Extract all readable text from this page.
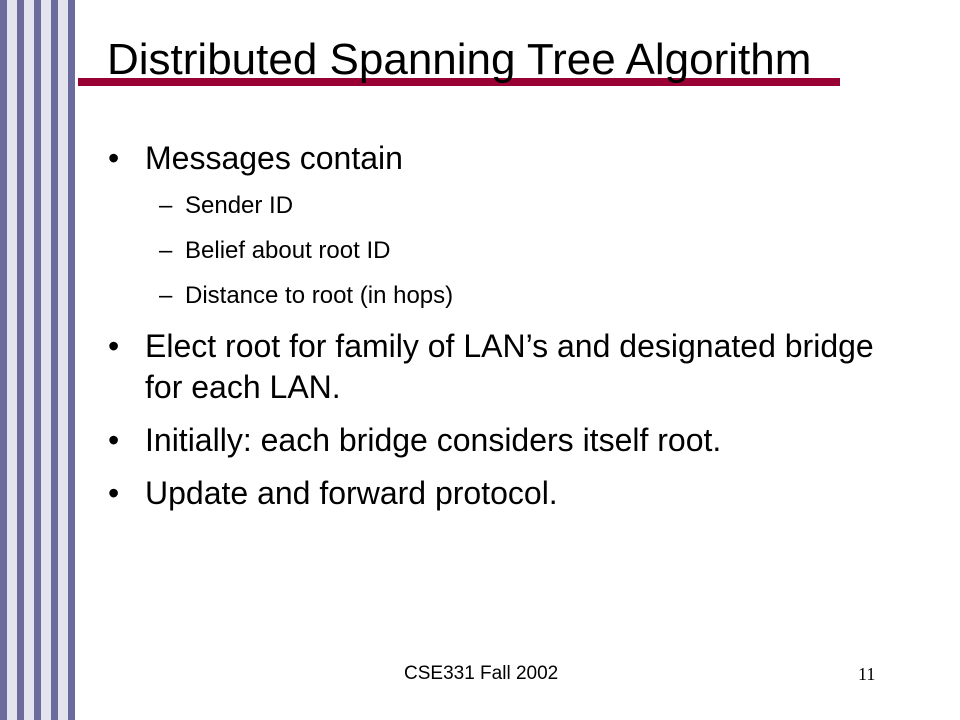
Distributed Spanning Tree Algorithm
• Messages contain
– Sender ID
– Belief about root ID
– Distance to root (in hops)
• Elect root for family of LAN’s and designated bridge for each LAN.
• Initially: each bridge considers itself root.
• Update and forward protocol.
CSE331 Fall 2002	11
